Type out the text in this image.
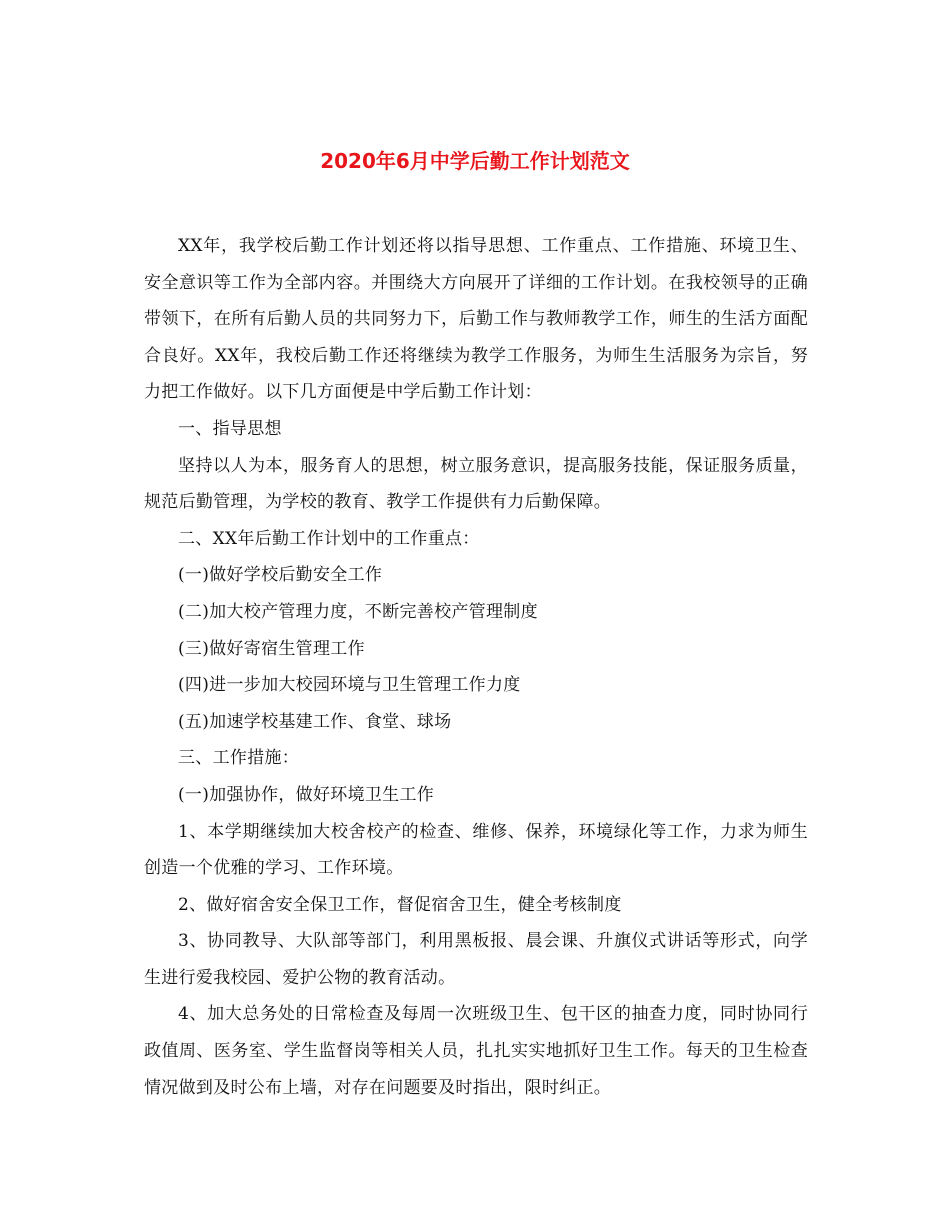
2020年6月中学后勤工作计划范文

XX年，我学校后勤工作计划还将以指导思想、工作重点、工作措施、环境卫生、安全意识等工作为全部内容。并围绕大方向展开了详细的工作计划。在我校领导的正确带领下，在所有后勤人员的共同努力下，后勤工作与教师教学工作，师生的生活方面配合良好。XX年，我校后勤工作还将继续为教学工作服务，为师生生活服务为宗旨，努力把工作做好。以下几方面便是中学后勤工作计划：

一、指导思想

坚持以人为本，服务育人的思想，树立服务意识，提高服务技能，保证服务质量，规范后勤管理，为学校的教育、教学工作提供有力后勤保障。

二、XX年后勤工作计划中的工作重点：

(一)做好学校后勤安全工作

(二)加大校产管理力度，不断完善校产管理制度

(三)做好寄宿生管理工作

(四)进一步加大校园环境与卫生管理工作力度

(五)加速学校基建工作、食堂、球场

三、工作措施：

(一)加强协作，做好环境卫生工作

1、本学期继续加大校舍校产的检查、维修、保养，环境绿化等工作，力求为师生创造一个优雅的学习、工作环境。

2、做好宿舍安全保卫工作，督促宿舍卫生，健全考核制度

3、协同教导、大队部等部门，利用黑板报、晨会课、升旗仪式讲话等形式，向学生进行爱我校园、爱护公物的教育活动。

4、加大总务处的日常检查及每周一次班级卫生、包干区的抽查力度，同时协同行政值周、医务室、学生监督岗等相关人员，扎扎实实地抓好卫生工作。每天的卫生检查情况做到及时公布上墙，对存在问题要及时指出，限时纠正。
